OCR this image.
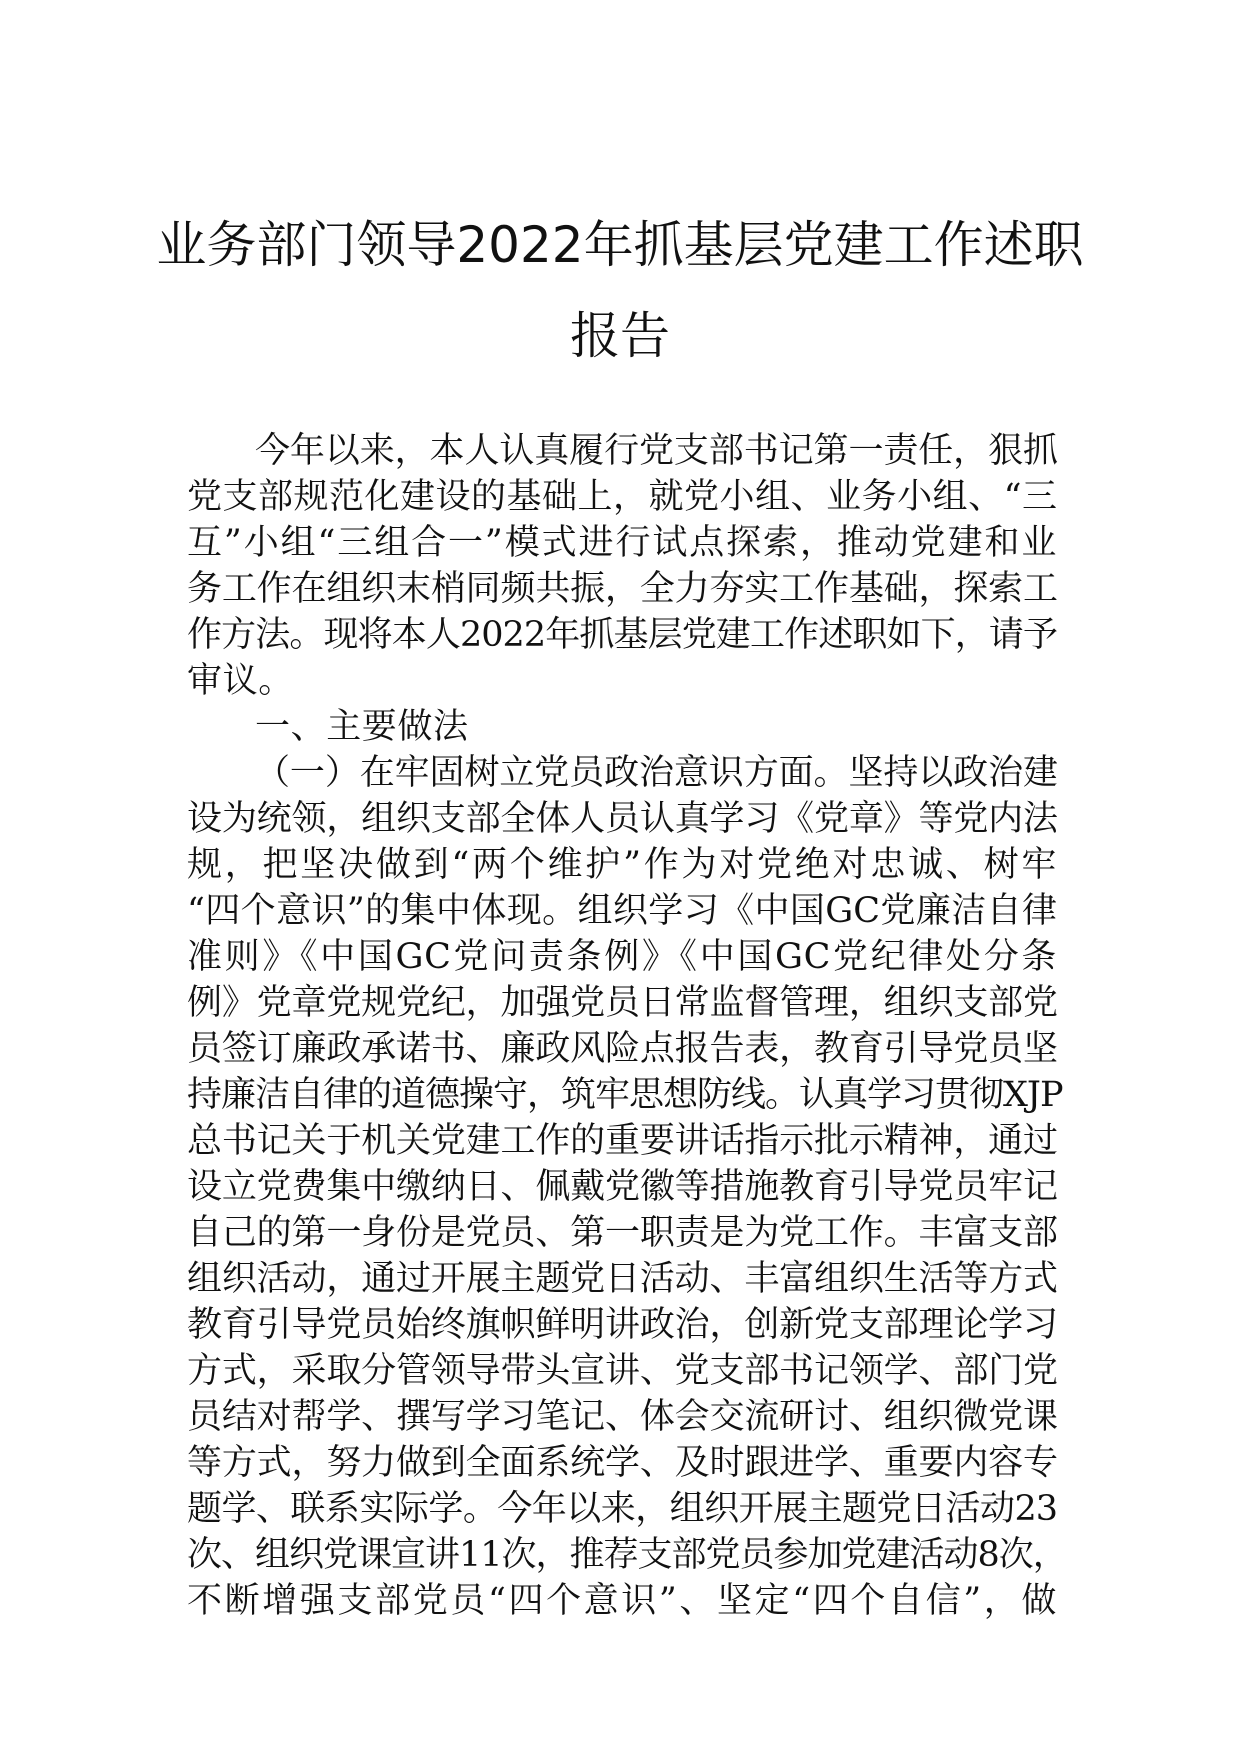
业务部门领导2022年抓基层党建工作述职
报告
今年以来，本人认真履行党支部书记第一责任，狠抓
党支部规范化建设的基础上，就党小组、业务小组、“三
互”小组“三组合一”模式进行试点探索，推动党建和业
务工作在组织末梢同频共振，全力夯实工作基础，探索工
作方法。现将本人2022年抓基层党建工作述职如下，请予
审议。
一、主要做法
（一）在牢固树立党员政治意识方面。坚持以政治建
设为统领，组织支部全体人员认真学习《党章》等党内法
规，把坚决做到“两个维护”作为对党绝对忠诚、树牢
“四个意识”的集中体现。组织学习《中国GC党廉洁自律
准则》《中国GC党问责条例》《中国GC党纪律处分条
例》党章党规党纪，加强党员日常监督管理，组织支部党
员签订廉政承诺书、廉政风险点报告表，教育引导党员坚
持廉洁自律的道德操守，筑牢思想防线。认真学习贯彻XJP
总书记关于机关党建工作的重要讲话指示批示精神，通过
设立党费集中缴纳日、佩戴党徽等措施教育引导党员牢记
自己的第一身份是党员、第一职责是为党工作。丰富支部
组织活动，通过开展主题党日活动、丰富组织生活等方式
教育引导党员始终旗帜鲜明讲政治，创新党支部理论学习
方式，采取分管领导带头宣讲、党支部书记领学、部门党
员结对帮学、撰写学习笔记、体会交流研讨、组织微党课
等方式，努力做到全面系统学、及时跟进学、重要内容专
题学、联系实际学。今年以来，组织开展主题党日活动23
次、组织党课宣讲11次，推荐支部党员参加党建活动8次，
不断增强支部党员“四个意识”、坚定“四个自信”，做
